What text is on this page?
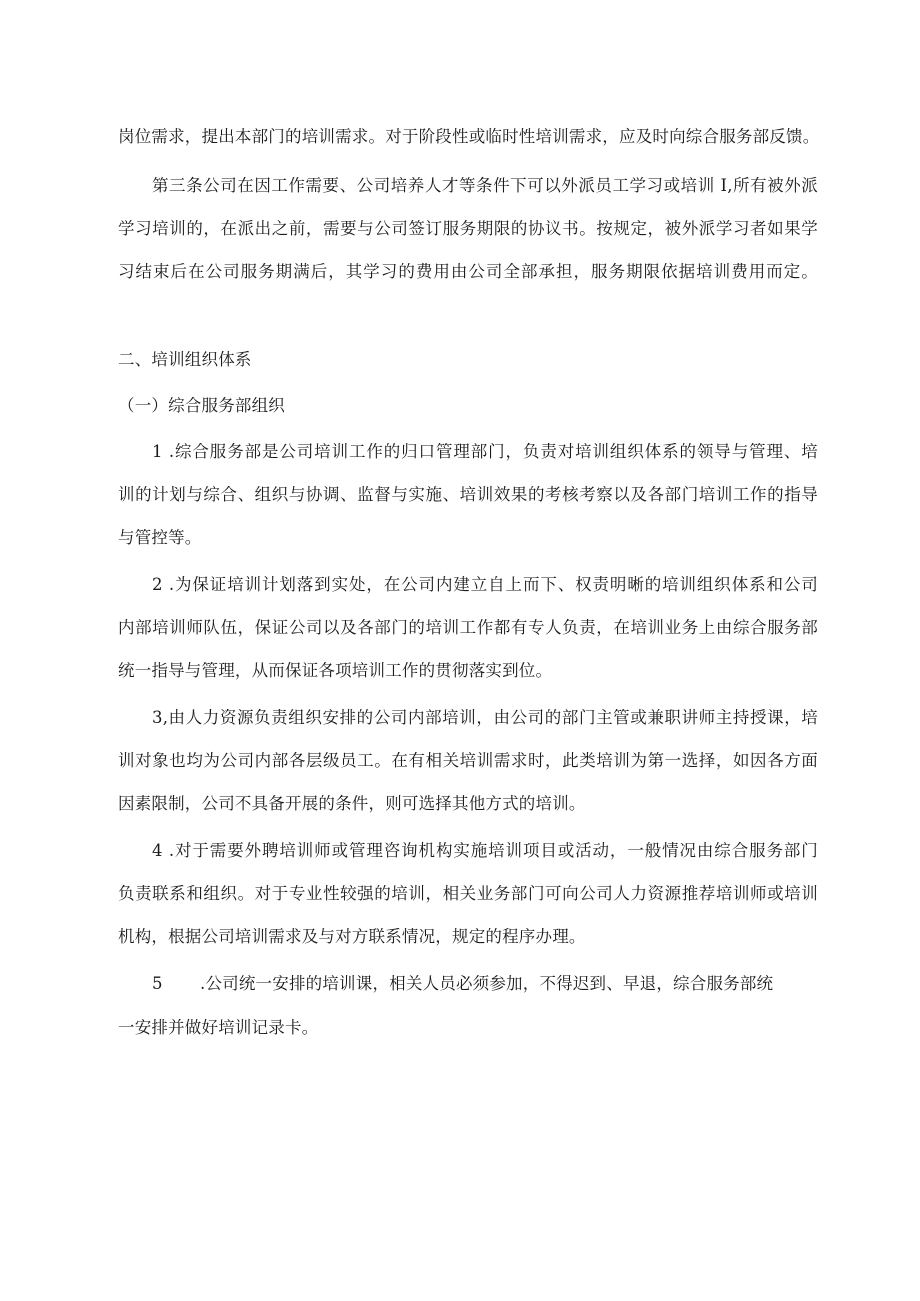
岗位需求，提出本部门的培训需求。对于阶段性或临时性培训需求，应及时向综合服务部反馈。
第三条公司在因工作需要、公司培养人才等条件下可以外派员工学习或培训 I,所有被外派
学习培训的，在派出之前，需要与公司签订服务期限的协议书。按规定，被外派学习者如果学
习结束后在公司服务期满后，其学习的费用由公司全部承担，服务期限依据培训费用而定。
二、培训组织体系
（一）综合服务部组织
1 .综合服务部是公司培训工作的归口管理部门，负责对培训组织体系的领导与管理、培
训的计划与综合、组织与协调、监督与实施、培训效果的考核考察以及各部门培训工作的指导
与管控等。
2 .为保证培训计划落到实处，在公司内建立自上而下、权责明晰的培训组织体系和公司
内部培训师队伍，保证公司以及各部门的培训工作都有专人负责，在培训业务上由综合服务部
统一指导与管理，从而保证各项培训工作的贯彻落实到位。
3,由人力资源负责组织安排的公司内部培训，由公司的部门主管或兼职讲师主持授课，培
训对象也均为公司内部各层级员工。在有相关培训需求时，此类培训为第一选择，如因各方面
因素限制，公司不具备开展的条件，则可选择其他方式的培训。
4 .对于需要外聘培训师或管理咨询机构实施培训项目或活动，一般情况由综合服务部门
负责联系和组织。对于专业性较强的培训，相关业务部门可向公司人力资源推荐培训师或培训
机构，根据公司培训需求及与对方联系情况，规定的程序办理。
5 .公司统一安排的培训课，相关人员必须参加，不得迟到、早退，综合服务部统
一安排并做好培训记录卡。
